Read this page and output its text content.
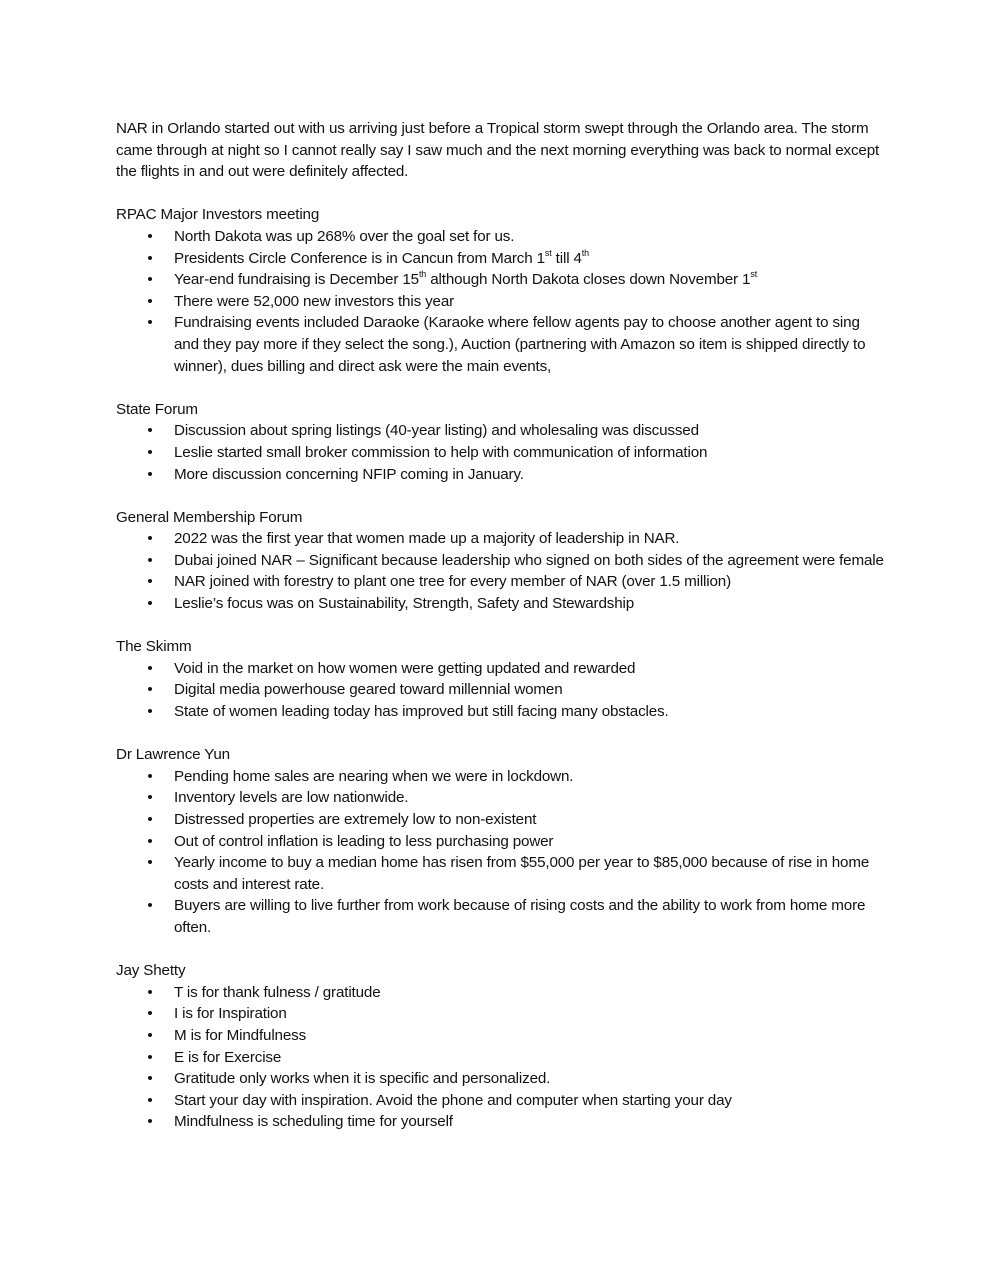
NAR in Orlando started out with us arriving just before a Tropical storm swept through the Orlando area. The storm came through at night so I cannot really say I saw much and the next morning everything was back to normal except the flights in and out were definitely affected.

RPAC Major Investors meeting

• North Dakota was up 268% over the goal set for us.
• Presidents Circle Conference is in Cancun from March 1st till 4th
• Year-end fundraising is December 15th although North Dakota closes down November 1st
• There were 52,000 new investors this year
• Fundraising events included Daraoke (Karaoke where fellow agents pay to choose another agent to sing and they pay more if they select the song.), Auction (partnering with Amazon so item is shipped directly to winner), dues billing and direct ask were the main events,

State Forum

• Discussion about spring listings (40-year listing) and wholesaling was discussed
• Leslie started small broker commission to help with communication of information
• More discussion concerning NFIP coming in January.

General Membership Forum

• 2022 was the first year that women made up a majority of leadership in NAR.
• Dubai joined NAR – Significant because leadership who signed on both sides of the agreement were female
• NAR joined with forestry to plant one tree for every member of NAR (over 1.5 million)
• Leslie’s focus was on Sustainability, Strength, Safety and Stewardship

The Skimm

• Void in the market on how women were getting updated and rewarded
• Digital media powerhouse geared toward millennial women
• State of women leading today has improved but still facing many obstacles.

Dr Lawrence Yun

• Pending home sales are nearing when we were in lockdown.
• Inventory levels are low nationwide.
• Distressed properties are extremely low to non-existent
• Out of control inflation is leading to less purchasing power
• Yearly income to buy a median home has risen from $55,000 per year to $85,000 because of rise in home costs and interest rate.
• Buyers are willing to live further from work because of rising costs and the ability to work from home more often.

Jay Shetty

• T is for thank fulness / gratitude
• I is for Inspiration
• M is for Mindfulness
• E is for Exercise
• Gratitude only works when it is specific and personalized.
• Start your day with inspiration. Avoid the phone and computer when starting your day
• Mindfulness is scheduling time for yourself
